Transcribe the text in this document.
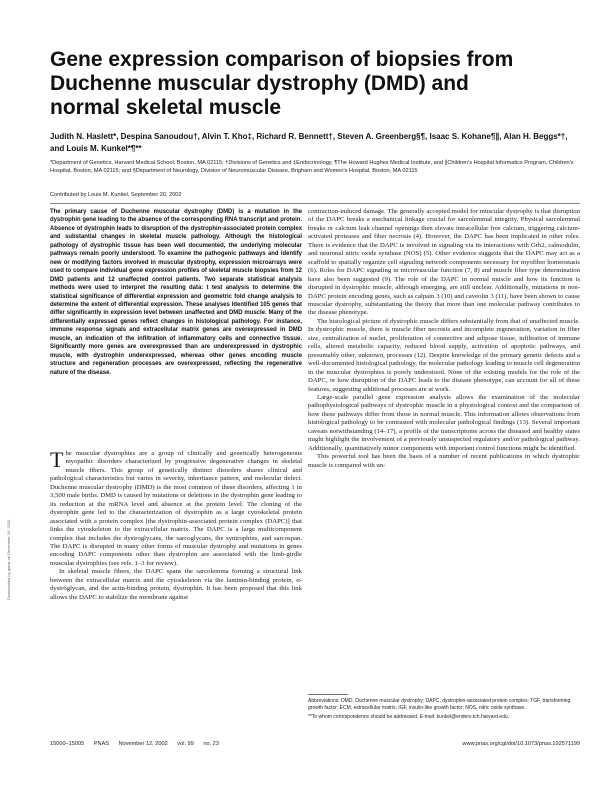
Downloaded by guest on December 16, 2020
Gene expression comparison of biopsies from Duchenne muscular dystrophy (DMD) and normal skeletal muscle
Judith N. Haslett*, Despina Sanoudou†, Alvin T. Kho‡, Richard R. Bennett†, Steven A. Greenberg§¶, Isaac S. Kohane¶∥, Alan H. Beggs*†, and Louis M. Kunkel*¶**
*Department of Genetics, Harvard Medical School, Boston, MA 02115; †Divisions of Genetics and ‡Endocrinology, ¶The Howard Hughes Medical Institute, and ∥Children's Hospital Informatics Program, Children's Hospital, Boston, MA 02115; and §Department of Neurology, Division of Neuromuscular Disease, Brigham and Women's Hospital, Boston, MA 02115
Contributed by Louis M. Kunkel, September 20, 2002

The primary cause of Duchenne muscular dystrophy (DMD) is a mutation in the dystrophin gene leading to the absence of the corresponding RNA transcript and protein. Absence of dystrophin leads to disruption of the dystrophin-associated protein complex and substantial changes in skeletal muscle pathology. Although the histological pathology of dystrophic tissue has been well documented, the underlying molecular pathways remain poorly understood. To examine the pathogenic pathways and identify new or modifying factors involved in muscular dystrophy, expression microarrays were used to compare individual gene expression profiles of skeletal muscle biopsies from 12 DMD patients and 12 unaffected control patients. Two separate statistical analysis methods were used to interpret the resulting data: t test analysis to determine the statistical significance of differential expression and geometric fold change analysis to determine the extent of differential expression. These analyses identified 105 genes that differ significantly in expression level between unaffected and DMD muscle. Many of the differentially expressed genes reflect changes in histological pathology. For instance, immune response signals and extracellular matrix genes are overexpressed in DMD muscle, an indication of the infiltration of inflammatory cells and connective tissue. Significantly more genes are overexpressed than are underexpressed in dystrophic muscle, with dystrophin underexpressed, whereas other genes encoding muscle structure and regeneration processes are overexpressed, reflecting the regenerative nature of the disease.

The muscular dystrophies are a group of clinically and genetically heterogeneous myopathic disorders characterized by progressive degenerative changes in skeletal muscle fibers. This group of genetically distinct disorders shares clinical and pathological characteristics but varies in severity, inheritance pattern, and molecular defect. Duchenne muscular dystrophy (DMD) is the most common of these disorders, affecting 1 in 3,500 male births. DMD is caused by mutations or deletions in the dystrophin gene leading to its reduction at the mRNA level and absence at the protein level. The cloning of the dystrophin gene led to the characterization of dystrophin as a large cytoskeletal protein associated with a protein complex [the dystrophin-associated protein complex (DAPC)] that links the cytoskeleton to the extracellular matrix. The DAPC is a large multicomponent complex that includes the dystroglycans, the sarcoglycans, the syntrophins, and sarcospan. The DAPC is disrupted in many other forms of muscular dystrophy and mutations in genes encoding DAPC components other than dystrophin are associated with the limb-girdle muscular dystrophies (see refs. 1–3 for review).

In skeletal muscle fibers, the DAPC spans the sarcolemma forming a structural link between the extracellular matrix and the cytoskeleton via the laminin-binding protein, α-dystroglycan, and the actin-binding protein, dystrophin. It has been proposed that this link allows the DAPC to stabilize the membrane against

contraction-induced damage. The generally accepted model for muscular dystrophy is that disruption of the DAPC breaks a mechanical linkage crucial for sarcolemmal integrity. Physical sarcolemmal breaks or calcium leak channel openings then elevate intracellular free calcium, triggering calcium-activated proteases and fiber necrosis (4). However, the DAPC has been implicated in other roles. There is evidence that the DAPC is involved in signaling via its interactions with Grb2, calmodulin, and neuronal nitric oxide synthase (NOS) (5). Other evidence suggests that the DAPC may act as a scaffold to spatially organize cell signaling network components necessary for myofiber homeostasis (6). Roles for DAPC signaling in microvascular function (7, 8) and muscle fiber type determination have also been suggested (9). The role of the DAPC in normal muscle and how its function is disrupted in dystrophic muscle, although emerging, are still unclear. Additionally, mutations in non-DAPC protein encoding genes, such as calpain 3 (10) and caveolin 3 (11), have been shown to cause muscular dystrophy, substantiating the theory that more than one molecular pathway contributes to the disease phenotype.

The histological picture of dystrophic muscle differs substantially from that of unaffected muscle. In dystrophic muscle, there is muscle fiber necrosis and incomplete regeneration, variation in fiber size, centralization of nuclei, proliferation of connective and adipose tissue, infiltration of immune cells, altered metabolic capacity, reduced blood supply, activation of apoptotic pathways, and presumably other, unknown, processes (12). Despite knowledge of the primary genetic defects and a well-documented histological pathology, the molecular pathology leading to muscle cell degeneration in the muscular dystrophies is poorly understood. None of the existing models for the role of the DAPC, or how disruption of the DAPC leads to the disease phenotype, can account for all of these features, suggesting additional processes are at work.

Large-scale parallel gene expression analysis allows the examination of the molecular pathophysiological pathways of dystrophic muscle in a physiological context and the comparison of how these pathways differ from those in normal muscle. This information allows observations from histological pathology to be contrasted with molecular pathological findings (13). Several important caveats notwithstanding (14–17), a profile of the transcriptome across the diseased and healthy states might highlight the involvement of a previously unsuspected regulatory and/or pathological pathway. Additionally, quantitatively minor components with important control functions might be identified.

This powerful tool has been the basis of a number of recent publications in which dystrophic muscle is compared with un-

Abbreviations: DMD, Duchenne muscular dystrophy; DAPC, dystrophin-associated protein complex; TGF, transforming growth factor; ECM, extracellular matrix; IGF, insulin-like growth factor; NOS, nitric oxide synthase.

**To whom correspondence should be addressed. E-mail: kunkel@enders.tch.harvard.edu.

15000–15005 PNAS November 12, 2002 vol. 99 no. 23	www.pnas.org/cgi/doi/10.1073/pnas.192571199
